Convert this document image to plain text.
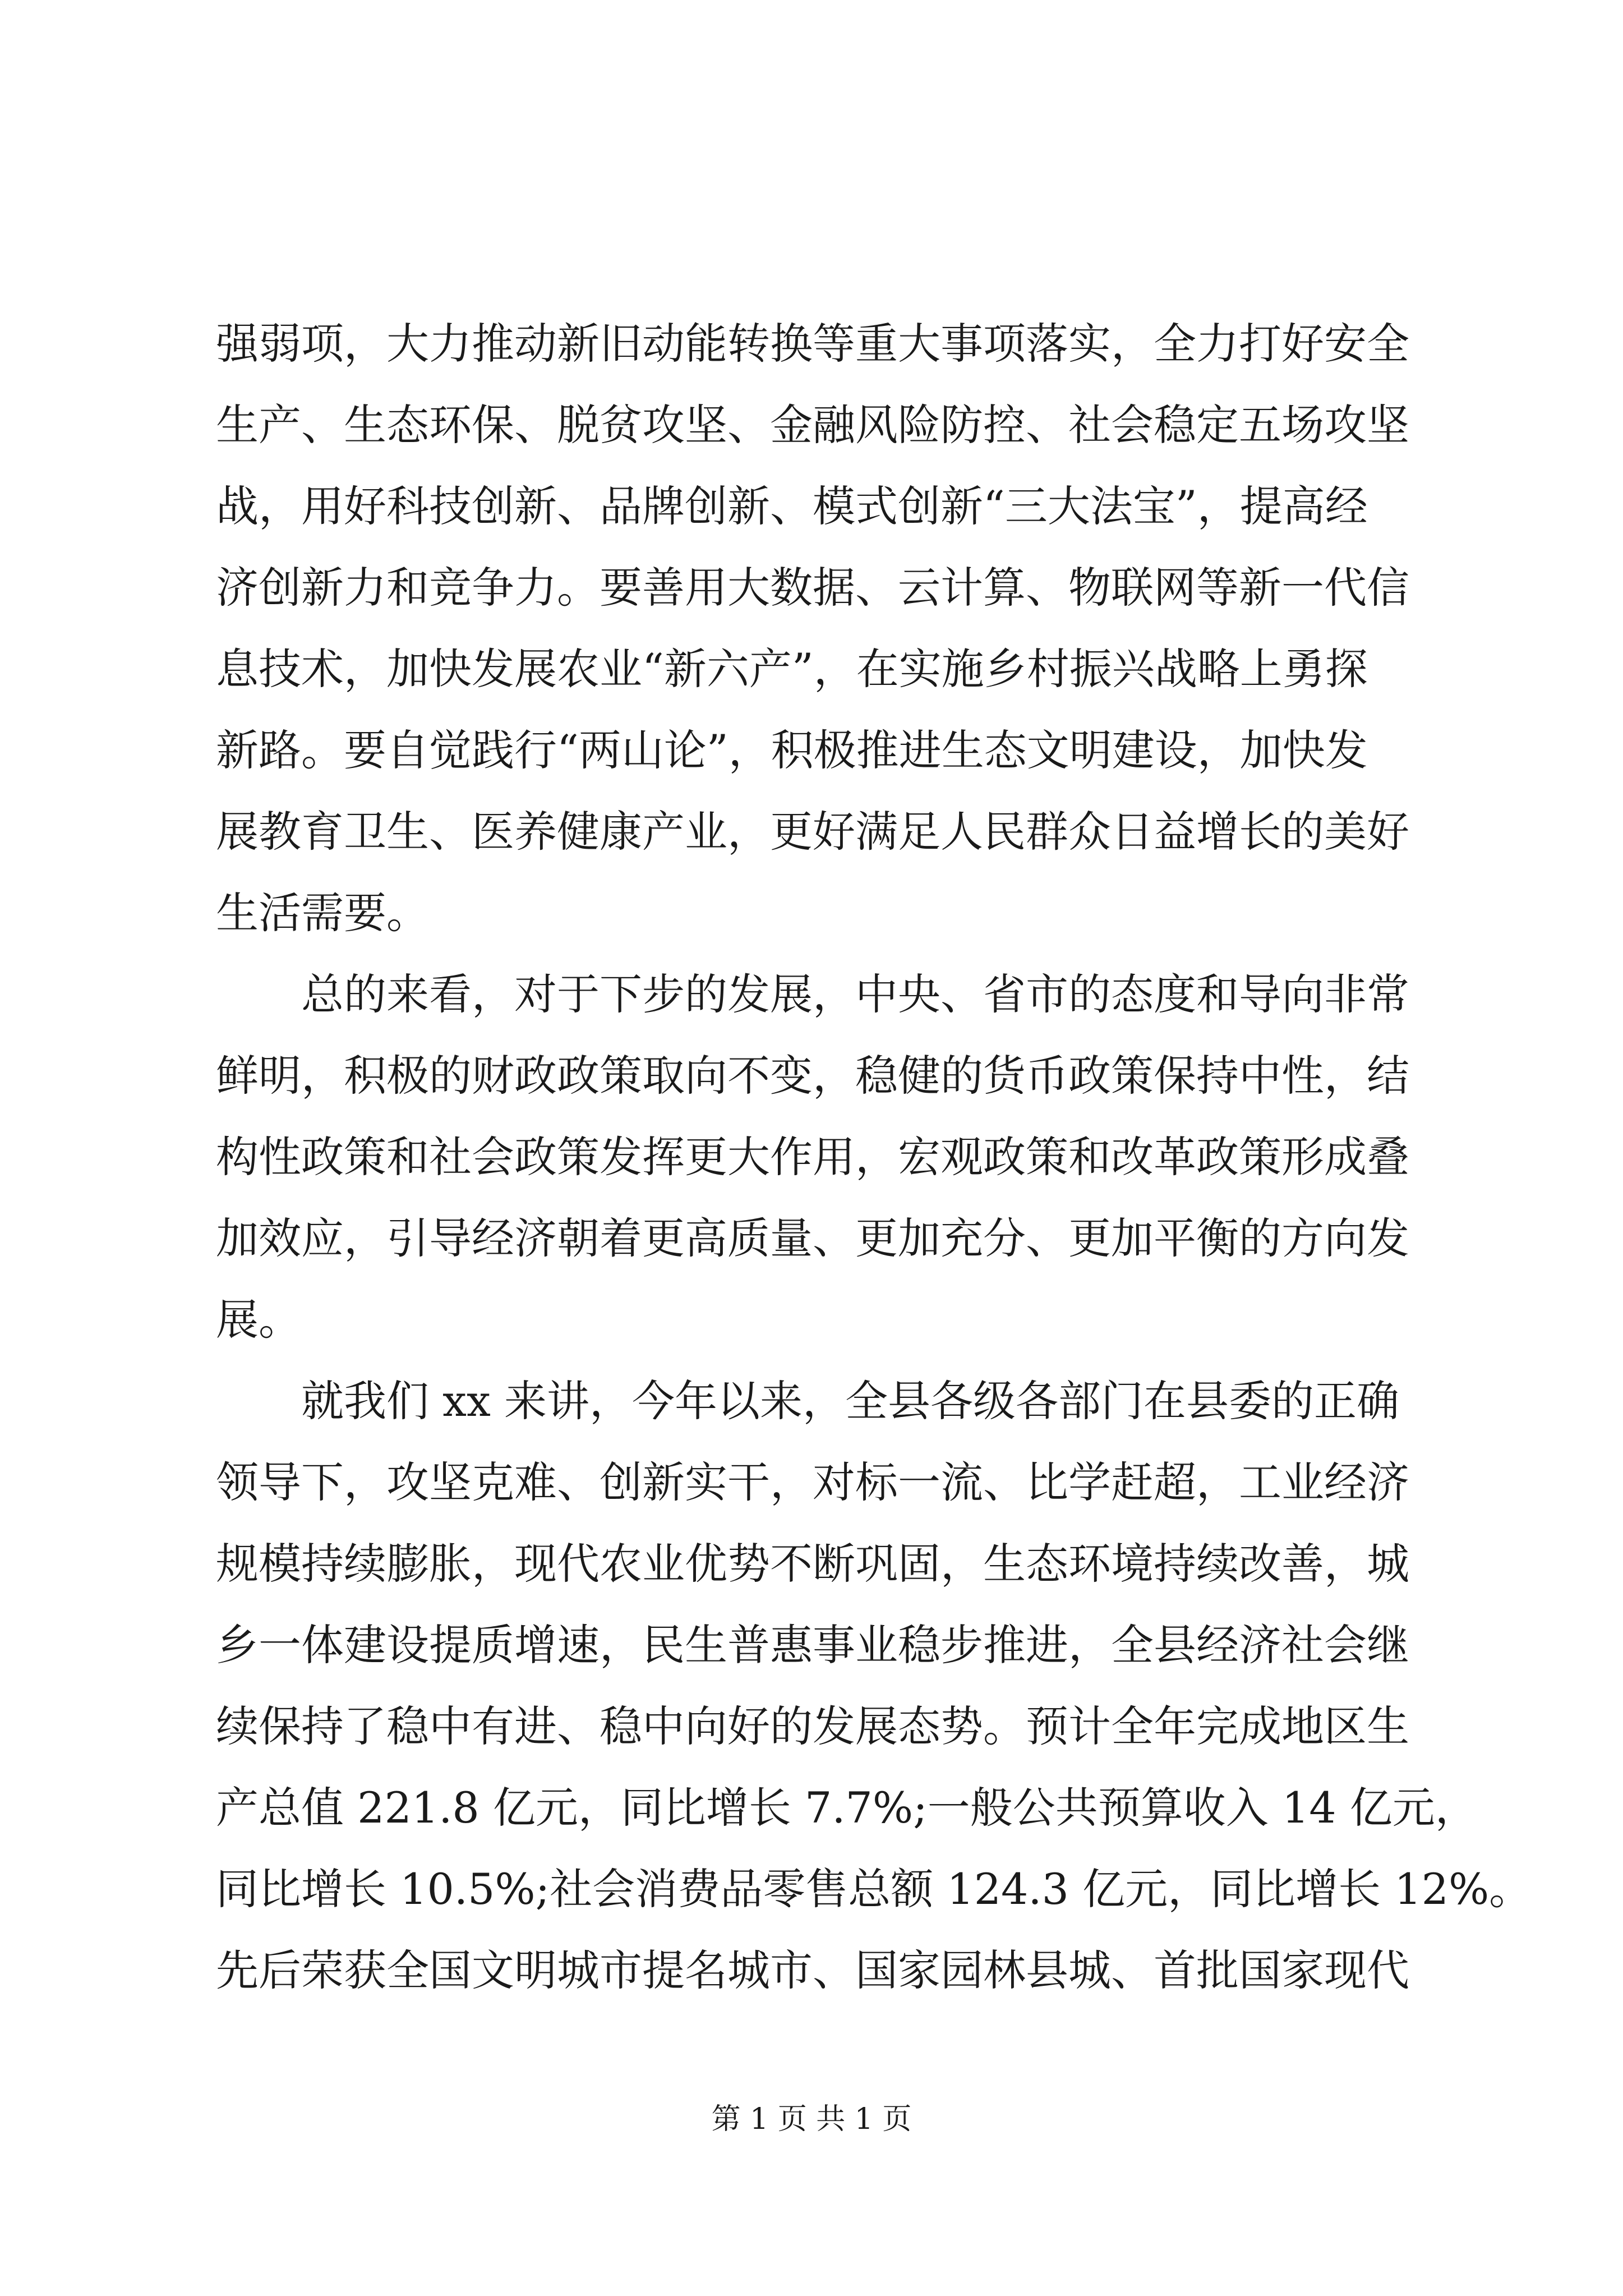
强弱项，大力推动新旧动能转换等重大事项落实，全力打好安全
生产、生态环保、脱贫攻坚、金融风险防控、社会稳定五场攻坚
战，用好科技创新、品牌创新、模式创新“三大法宝”，提高经
济创新力和竞争力。要善用大数据、云计算、物联网等新一代信
息技术，加快发展农业“新六产”，在实施乡村振兴战略上勇探
新路。要自觉践行“两山论”，积极推进生态文明建设，加快发
展教育卫生、医养健康产业，更好满足人民群众日益增长的美好
生活需要。
总的来看，对于下步的发展，中央、省市的态度和导向非常
鲜明，积极的财政政策取向不变，稳健的货币政策保持中性，结
构性政策和社会政策发挥更大作用，宏观政策和改革政策形成叠
加效应，引导经济朝着更高质量、更加充分、更加平衡的方向发
展。
就我们 xx 来讲，今年以来，全县各级各部门在县委的正确
领导下，攻坚克难、创新实干，对标一流、比学赶超，工业经济
规模持续膨胀，现代农业优势不断巩固，生态环境持续改善，城
乡一体建设提质增速，民生普惠事业稳步推进，全县经济社会继
续保持了稳中有进、稳中向好的发展态势。预计全年完成地区生
产总值 221.8 亿元，同比增长 7.7%;一般公共预算收入 14 亿元，
同比增长 10.5%;社会消费品零售总额 124.3 亿元，同比增长 12%。
先后荣获全国文明城市提名城市、国家园林县城、首批国家现代
第 1 页 共 1 页
